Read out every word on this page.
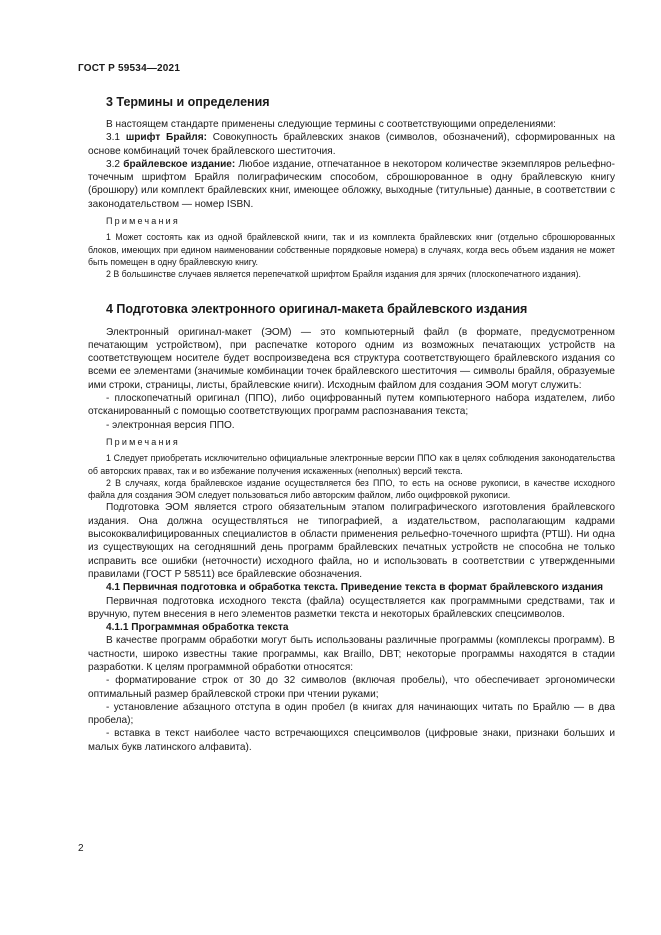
ГОСТ Р 59534—2021
3 Термины и определения

В настоящем стандарте применены следующие термины с соответствующими определениями:

3.1 шрифт Брайля: Совокупность брайлевских знаков (символов, обозначений), сформированных на основе комбинаций точек брайлевского шеститочия.

3.2 брайлевское издание: Любое издание, отпечатанное в некотором количестве экземпляров рельефно-точечным шрифтом Брайля полиграфическим способом, сброшюрованное в одну брайлевскую книгу (брошюру) или комплект брайлевских книг, имеющее обложку, выходные (титульные) данные, в соответствии с законодательством — номер ISBN.

Примечания

1 Может состоять как из одной брайлевской книги, так и из комплекта брайлевских книг (отдельно сброшюрованных блоков, имеющих при едином наименовании собственные порядковые номера) в случаях, когда весь объем издания не может быть помещен в одну брайлевскую книгу.

2 В большинстве случаев является перепечаткой шрифтом Брайля издания для зрячих (плоскопечатного издания).

4 Подготовка электронного оригинал-макета брайлевского издания

Электронный оригинал-макет (ЭОМ) — это компьютерный файл (в формате, предусмотренном печатающим устройством), при распечатке которого одним из возможных печатающих устройств на соответствующем носителе будет воспроизведена вся структура соответствующего брайлевского издания со всеми ее элементами (значимые комбинации точек брайлевского шеститочия — символы брайля, образуемые ими строки, страницы, листы, брайлевские книги). Исходным файлом для создания ЭОМ могут служить:

- плоскопечатный оригинал (ППО), либо оцифрованный путем компьютерного набора издателем, либо отсканированный с помощью соответствующих программ распознавания текста;

- электронная версия ППО.

Примечания

1 Следует приобретать исключительно официальные электронные версии ППО как в целях соблюдения законодательства об авторских правах, так и во избежание получения искаженных (неполных) версий текста.

2 В случаях, когда брайлевское издание осуществляется без ППО, то есть на основе рукописи, в качестве исходного файла для создания ЭОМ следует пользоваться либо авторским файлом, либо оцифровкой рукописи.

Подготовка ЭОМ является строго обязательным этапом полиграфического изготовления брайлевского издания. Она должна осуществляться не типографией, а издательством, располагающим кадрами высококвалифицированных специалистов в области применения рельефно-точечного шрифта (РТШ). Ни одна из существующих на сегодняшний день программ брайлевских печатных устройств не способна не только исправить все ошибки (неточности) исходного файла, но и использовать в соответствии с утвержденными правилами (ГОСТ Р 58511) все брайлевские обозначения.

4.1 Первичная подготовка и обработка текста. Приведение текста в формат брайлевского издания

Первичная подготовка исходного текста (файла) осуществляется как программными средствами, так и вручную, путем внесения в него элементов разметки текста и некоторых брайлевских спецсимволов.

4.1.1 Программная обработка текста

В качестве программ обработки могут быть использованы различные программы (комплексы программ). В частности, широко известны такие программы, как Braillo, DBT; некоторые программы находятся в стадии разработки. К целям программной обработки относятся:

- форматирование строк от 30 до 32 символов (включая пробелы), что обеспечивает эргономически оптимальный размер брайлевской строки при чтении руками;

- установление абзацного отступа в один пробел (в книгах для начинающих читать по Брайлю — в два пробела);

- вставка в текст наиболее часто встречающихся спецсимволов (цифровые знаки, признаки больших и малых букв латинского алфавита).

2
